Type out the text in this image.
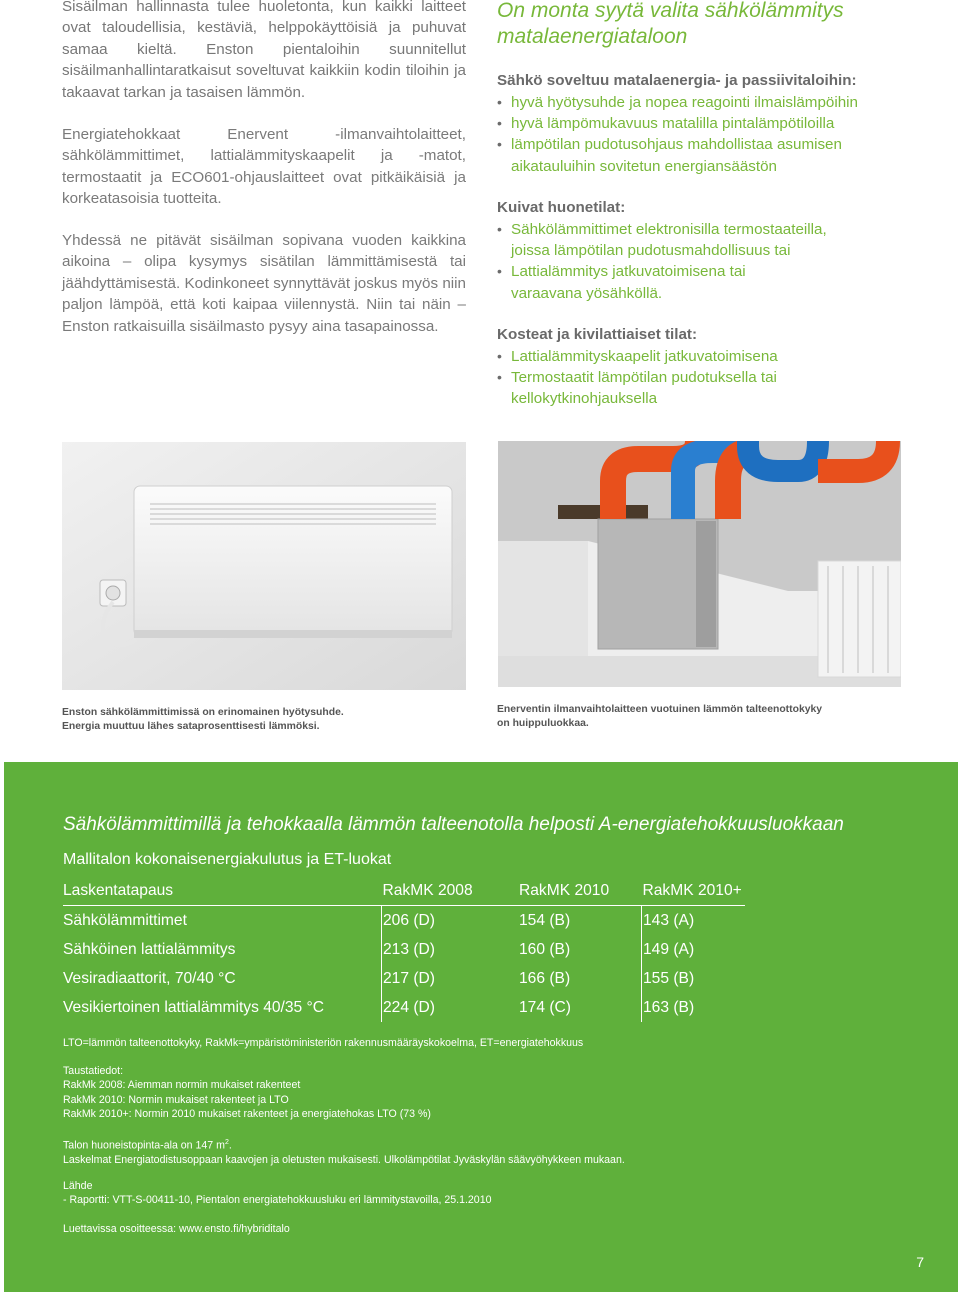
Sisäilman hallinnasta tulee huoletonta, kun kaikki laitteet ovat taloudellisia, kestäviä, helppokäyttöisiä ja puhuvat samaa kieltä. Enston pientaloihin suunnitellut sisäilmanhallintaratkaisut soveltuvat kaikkiin kodin tiloihin ja takaavat tarkan ja tasaisen lämmön.
Energiatehokkaat Enervent -ilmanvaihtolaitteet, sähkölämmittimet, lattialämmityskaapelit ja -matot, termostaatit ja ECO601-ohjauslaitteet ovat pitkäikäisiä ja korkeatasoisia tuotteita.
Yhdessä ne pitävät sisäilman sopivana vuoden kaikkina aikoina – olipa kysymys sisätilan lämmittämisestä tai jäähdyttämisestä. Kodinkoneet synnyttävät joskus myös niin paljon lämpöä, että koti kaipaa viilennystä. Niin tai näin – Enston ratkaisuilla sisäilmasto pysyy aina tasapainossa.
On monta syytä valita sähkölämmitys
matalaenergiataloon
Sähkö soveltuu matalaenergia- ja passiivitaloihin:
• hyvä hyötysuhde ja nopea reagointi ilmaislämpöihin
• hyvä lämpömukavuus matalilla pintalämpötiloilla
• lämpötilan pudotusohjaus mahdollistaa asumisen aikatauluihin sovitetun energiansäästön
Kuivat huonetilat:
• Sähkölämmittimet elektronisilla termostaateilla, joissa lämpötilan pudotusmahdollisuus tai
• Lattialämmitys jatkuvatoimisena tai varaavana yösähköllä.
Kosteat ja kivilattiaiset tilat:
• Lattialämmityskaapelit jatkuvatoimisena
• Termostaatit lämpötilan pudotuksella tai kellokytkinohjauksella
Enston sähkölämmittimissä on erinomainen hyötysuhde.
Energia muuttuu lähes sataprosenttisesti lämmöksi.
Enerventin ilmanvaihtolaitteen vuotuinen lämmön talteenottokyky
on huippuluokkaa.
Sähkölämmittimillä ja tehokkaalla lämmön talteenotolla helposti A-energiatehokkuusluokkaan
Mallitalon kokonaisenergiakulutus ja ET-luokat
Laskentatapaus	RakMK 2008	RakMK 2010	RakMK 2010+
Sähkölämmittimet	206 (D)	154 (B)	143 (A)
Sähköinen lattialämmitys	213 (D)	160 (B)	149 (A)
Vesiradiaattorit, 70/40 °C	217 (D)	166 (B)	155 (B)
Vesikiertoinen lattialämmitys 40/35 °C	224 (D)	174 (C)	163 (B)
LTO=lämmön talteenottokyky, RakMk=ympäristöministeriön rakennusmääräyskokoelma, ET=energiatehokkuus
Taustatiedot:
RakMk 2008: Aiemman normin mukaiset rakenteet
RakMk 2010: Normin mukaiset rakenteet ja LTO
RakMk 2010+: Normin 2010 mukaiset rakenteet ja energiatehokas LTO (73 %)
Talon huoneistopinta-ala on 147 $m^2$.
Laskelmat Energiatodistusoppaan kaavojen ja oletusten mukaisesti. Ulkolämpötilat Jyväskylän säävyöhykkeen mukaan.
Lähde
- Raportti: VTT-S-00411-10, Pientalon energiatehokkuusluku eri lämmitystavoilla, 25.1.2010
Luettavissa osoitteessa: www.ensto.fi/hybriditalo
7
